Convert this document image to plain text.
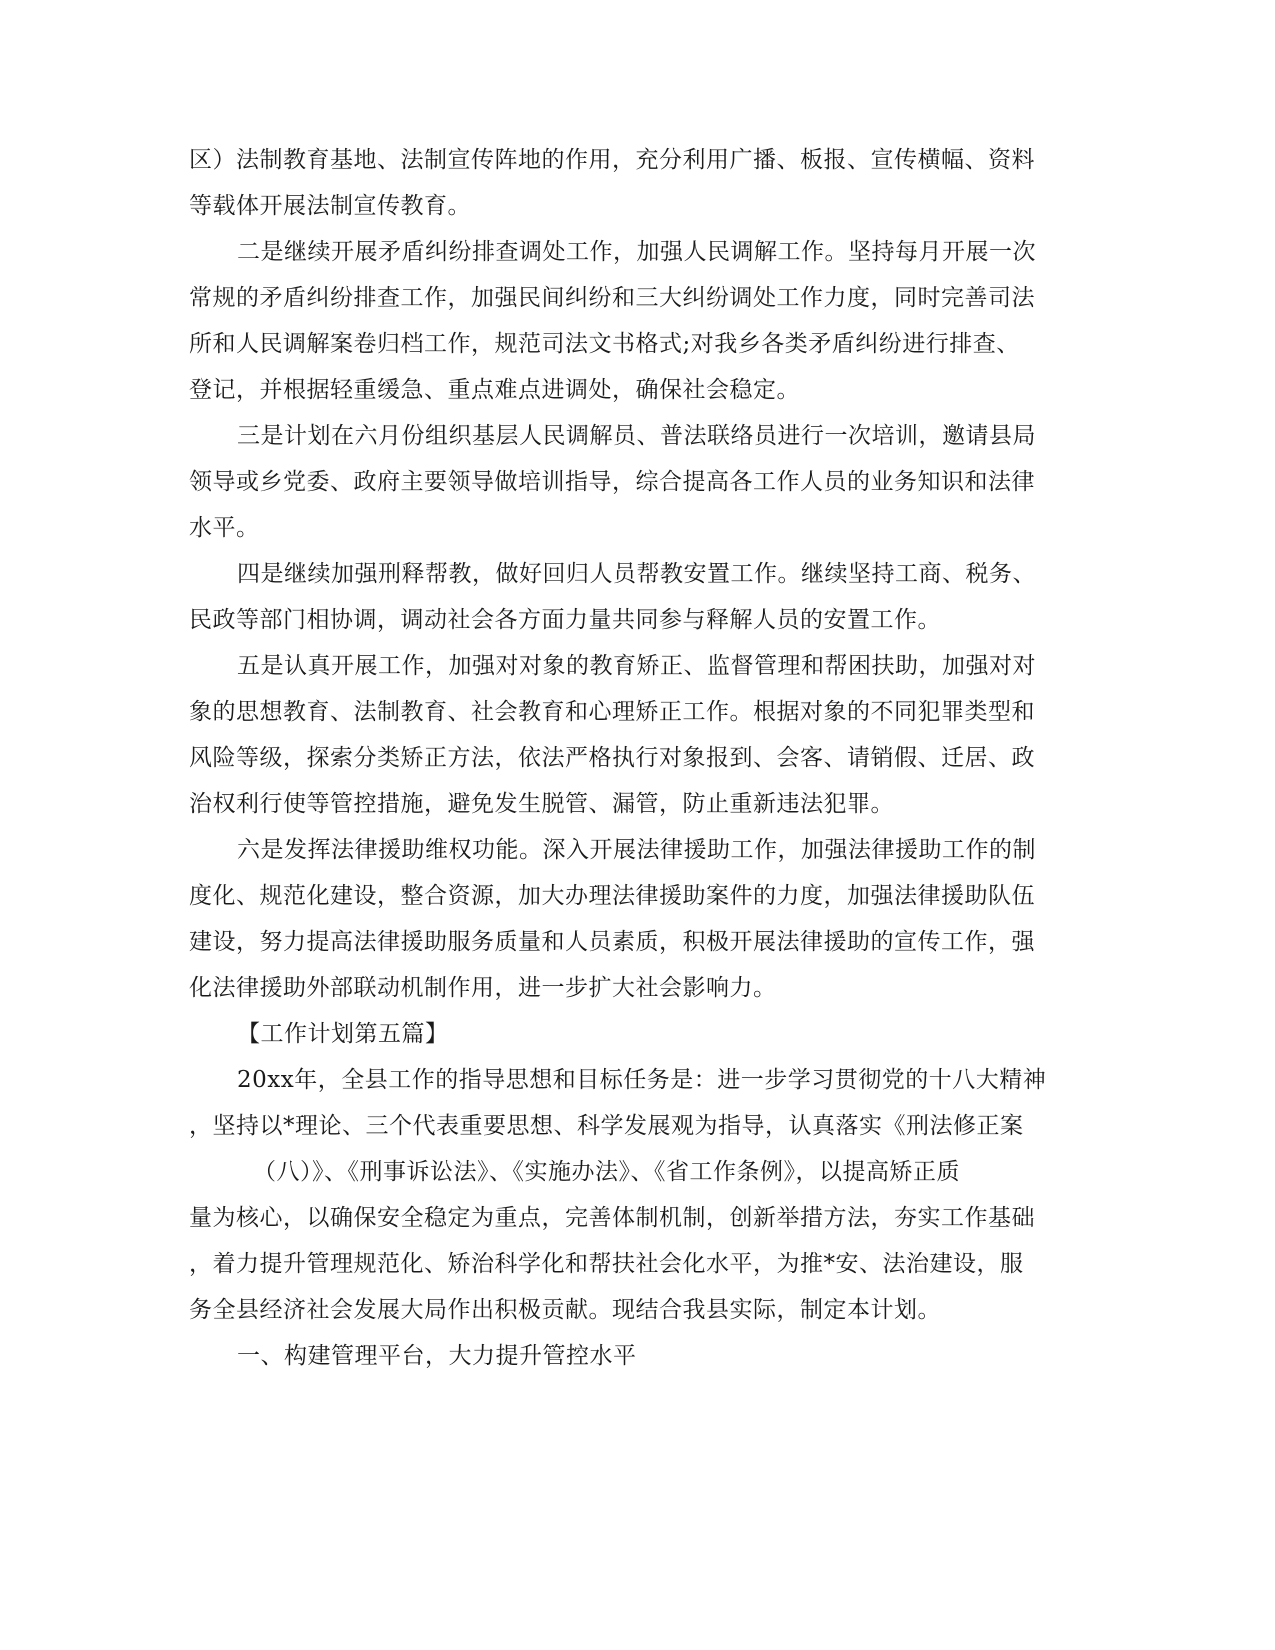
区）法制教育基地、法制宣传阵地的作用，充分利用广播、板报、宣传横幅、资料
等载体开展法制宣传教育。
二是继续开展矛盾纠纷排查调处工作，加强人民调解工作。坚持每月开展一次
常规的矛盾纠纷排查工作，加强民间纠纷和三大纠纷调处工作力度，同时完善司法
所和人民调解案卷归档工作，规范司法文书格式;对我乡各类矛盾纠纷进行排查、
登记，并根据轻重缓急、重点难点进调处，确保社会稳定。
三是计划在六月份组织基层人民调解员、普法联络员进行一次培训，邀请县局
领导或乡党委、政府主要领导做培训指导，综合提高各工作人员的业务知识和法律
水平。
四是继续加强刑释帮教，做好回归人员帮教安置工作。继续坚持工商、税务、
民政等部门相协调，调动社会各方面力量共同参与释解人员的安置工作。
五是认真开展工作，加强对对象的教育矫正、监督管理和帮困扶助，加强对对
象的思想教育、法制教育、社会教育和心理矫正工作。根据对象的不同犯罪类型和
风险等级，探索分类矫正方法，依法严格执行对象报到、会客、请销假、迁居、政
治权利行使等管控措施，避免发生脱管、漏管，防止重新违法犯罪。
六是发挥法律援助维权功能。深入开展法律援助工作，加强法律援助工作的制
度化、规范化建设，整合资源，加大办理法律援助案件的力度，加强法律援助队伍
建设，努力提高法律援助服务质量和人员素质，积极开展法律援助的宣传工作，强
化法律援助外部联动机制作用，进一步扩大社会影响力。
【工作计划第五篇】
20xx年，全县工作的指导思想和目标任务是：进一步学习贯彻党的十八大精神
，坚持以*理论、三个代表重要思想、科学发展观为指导，认真落实《刑法修正案
（八）》、《刑事诉讼法》、《实施办法》、《省工作条例》，以提高矫正质
量为核心，以确保安全稳定为重点，完善体制机制，创新举措方法，夯实工作基础
，着力提升管理规范化、矫治科学化和帮扶社会化水平，为推*安、法治建设，服
务全县经济社会发展大局作出积极贡献。现结合我县实际，制定本计划。
一、构建管理平台，大力提升管控水平
